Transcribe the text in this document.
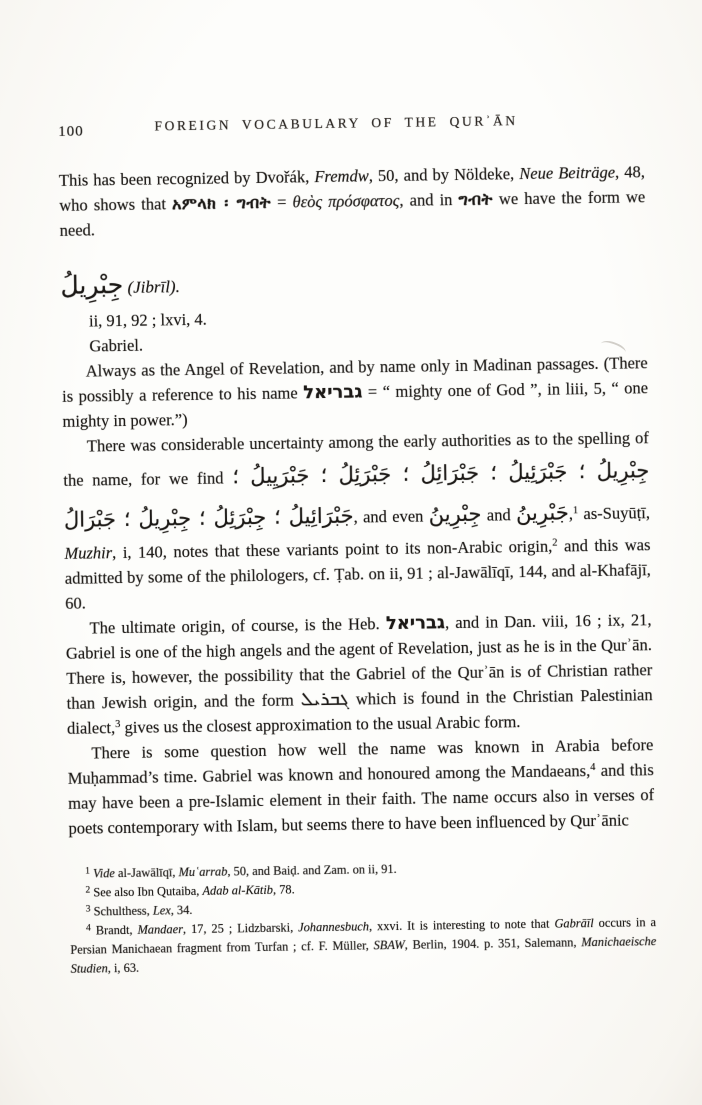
100	FOREIGN VOCABULARY OF THE QURʾĀN

This has been recognized by Dvořák, Fremdw, 50, and by Nöldeke, Neue Beiträge, 48, who shows that አምላክ ፡ ግብት = θεὸς πρόσφατος, and in ግብት we have the form we need.

جِبْرِيلُ (Jibrīl).

ii, 91, 92 ; lxvi, 4.

Gabriel.

Always as the Angel of Revelation, and by name only in Madinan passages. (There is possibly a reference to his name גבריאל = “ mighty one of God ”, in liii, 5, “ one mighty in power.”)

There was considerable uncertainty among the early authorities as to the spelling of the name, for we find جِبْرِيلُ ؛ جَبْرَئِيلُ ؛ جَبْرَائِلُ ؛ جَبْرَئِلُ ؛ جَبْرَيِيلُ ؛ جَبْرَائِيلُ ؛ جِبْرَئِلُ ؛ جِبْرِيلُ ؛ جَبْرَالُ, and even جِبْرِينُ and جَبْرِينُ,$^1$ as-Suyūṭī, Muzhir, i, 140, notes that these variants point to its non-Arabic origin,$^2$ and this was admitted by some of the philologers, cf. Ṭab. on ii, 91 ; al-Jawālīqī, 144, and al-Khafājī, 60.

The ultimate origin, of course, is the Heb. גבריאל, and in Dan. viii, 16 ; ix, 21, Gabriel is one of the high angels and the agent of Revelation, just as he is in the Qurʾān. There is, however, the possibility that the Gabriel of the Qurʾān is of Christian rather than Jewish origin, and the form ܓܒܪܝܠ which is found in the Christian Palestinian dialect,$^3$ gives us the closest approximation to the usual Arabic form.

There is some question how well the name was known in Arabia before Muḥammad’s time. Gabriel was known and honoured among the Mandaeans,$^4$ and this may have been a pre-Islamic element in their faith. The name occurs also in verses of poets contemporary with Islam, but seems there to have been influenced by Qurʾānic

$^1$ Vide al-Jawālīqī, Muʿarrab, 50, and Baiḍ. and Zam. on ii, 91.

$^2$ See also Ibn Qutaiba, Adab al-Kātib, 78.

$^3$ Schulthess, Lex, 34.

$^4$ Brandt, Mandaer, 17, 25 ; Lidzbarski, Johannesbuch, xxvi. It is interesting to note that Gabrāīl occurs in a Persian Manichaean fragment from Turfan ; cf. F. Müller, SBAW, Berlin, 1904. p. 351, Salemann, Manichaeische Studien, i, 63.
